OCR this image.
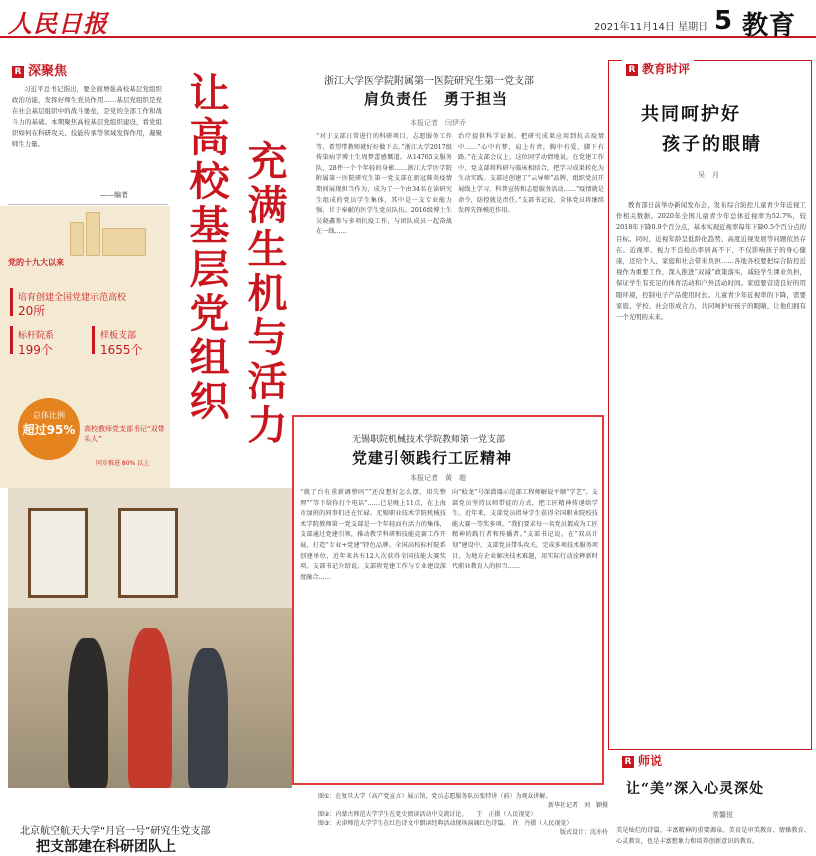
人民日报	2021年11月14日 星期日 5 教育
R 深聚焦
习近平总书记指出，要全面增强高校基层党组织政治功能，发挥好师生党员作用……基层党组织是党在社会基层组织中的战斗堡垒，是党的全部工作和战斗力的基础。本期聚焦高校基层党组织建设，看党组织如何在科研攻关、技能传承等领域发挥作用，凝聚师生力量。
——编者
党的十九大以来
培育创建全国党建示范高校
20所
标杆院系
199个
样板支部
1655个
总体比例
超过95%	高校教师党支部书记“双带头人”
同步推进 80% 以上
充满生机与活力
让高校基层党组织	浙江大学医学院附属第一医院研究生第一党支部
肩负责任　勇于担当
本报记者　闫伊乔
“对于支部日常进行的科研项目，志愿服务工作等，希望带教师就好好做下去。”浙江大学2017级传染病学博士生周梦蕾感慨道。从14765支服务队、28件一个个年轻的身影……浙江大学医学院附属第一医院研究生第一党支部在新冠肺炎疫情期间展现担当作为，成为了一个由34名在读研究生组成的党员学生集体，其中是一支专业能力强、甘于奉献的医学生党员队伍。2016级博士生吴晓鑫参与多项抗疫工作，与团队成员一起奋战在一线……
治疗提供科学证据。把研究成果应用到抗击疫情中……“心中有梦，肩上有责，胸中有爱，脚下有路。”在支部会议上，这位同学动情地说。在党建工作中，党支部将科研与临床相结合，把学习成果转化为生动实践。支部还创建了“云导师”品牌，组织党员开展线上学习、科普宣传和志愿服务活动……“疫情就是命令，防控就是责任。”支部书记说，全体党员将继续发挥先锋模范作用。
无锡职院机械技术学院教师第一党支部
党建引领践行工匠精神
本报记者　黄　超
“就了台有重新调整吗”“还没想好怎么摆，用失整理”“等下给你打个电话”……已是晚上11点，在上海市加班的同事们还在忙碌。无锡职业技术学院机械技术学院教师第一党支部是一个年轻而有活力的集体，支部通过党建引领，推动教学科研和技能竞赛工作开展，打造“专业+党建”特色品牌。全国高校标杆院系创建单位，近年来共有12人次获得全国技能大赛奖项。支部书记介绍说，支部将党建工作与专业建设深度融合……
向“蛟龙”号深潜器示范部工程师解说平顺“学艺”。支部党员坚持以师带徒的方式，把工匠精神传递给学生。近年来，支部党员指导学生获得全国职业院校技能大赛一等奖多项。“我们要求每一名党员都成为工匠精神的践行者和传播者。”支部书记说。在“双高计划”建设中，支部党员带头攻关，完成多项技术服务项目，为地方企业解决技术难题，用实际行动诠释新时代职业教育人的担当……
图①：在复旦大学（高产党宣言）展示馆，党员志愿服务队员张特讲（前）为观众讲解。
新华社记者　刘　颖摄
图②：内蒙古师范大学学生在党史阅读活动中交流讨论。　　王　正摄（人民视觉）
图③：天津师范大学学生在红色诗文中朗读经典活动现场演诵红色诗篇。　许　丹摄（人民视觉）
版式设计：沈亦伶
北京航空航天大学“月宫一号”研究生党支部
把支部建在科研团队上
R 教育时评
共同呵护好
孩子的眼睛
吴　月
教育部日前举办新闻发布会，发布综合防控儿童青少年近视工作相关数据。2020年全国儿童青少年总体近视率为52.7%，较2018年下降0.9个百分点，基本实现近视率每年下降0.5个百分点的目标。同时，近视年龄呈低龄化趋势、高度近视发展等问题依然存在。近视率、视力不良检出率居高不下，不仅影响孩子的身心健康，还给个人、家庭和社会带来负担……各地各校要把综合防控近视作为重要工作，深入推进“双减”政策落实，减轻学生课业负担，保证学生有充足的体育活动和户外活动时间。家庭要营造良好的用眼环境，控制电子产品使用时长。儿童青少年近视率的下降，需要家庭、学校、社会形成合力，共同呵护好孩子的眼睛，让他们拥有一个光明的未来。
R 师说
让“美”深入心灵深处
常馨悦
美是灿烂的诗篇，丰富精神的重要源泉。美育是审美教育、情操教育、心灵教育，也是丰富想象力和培养创新意识的教育。
